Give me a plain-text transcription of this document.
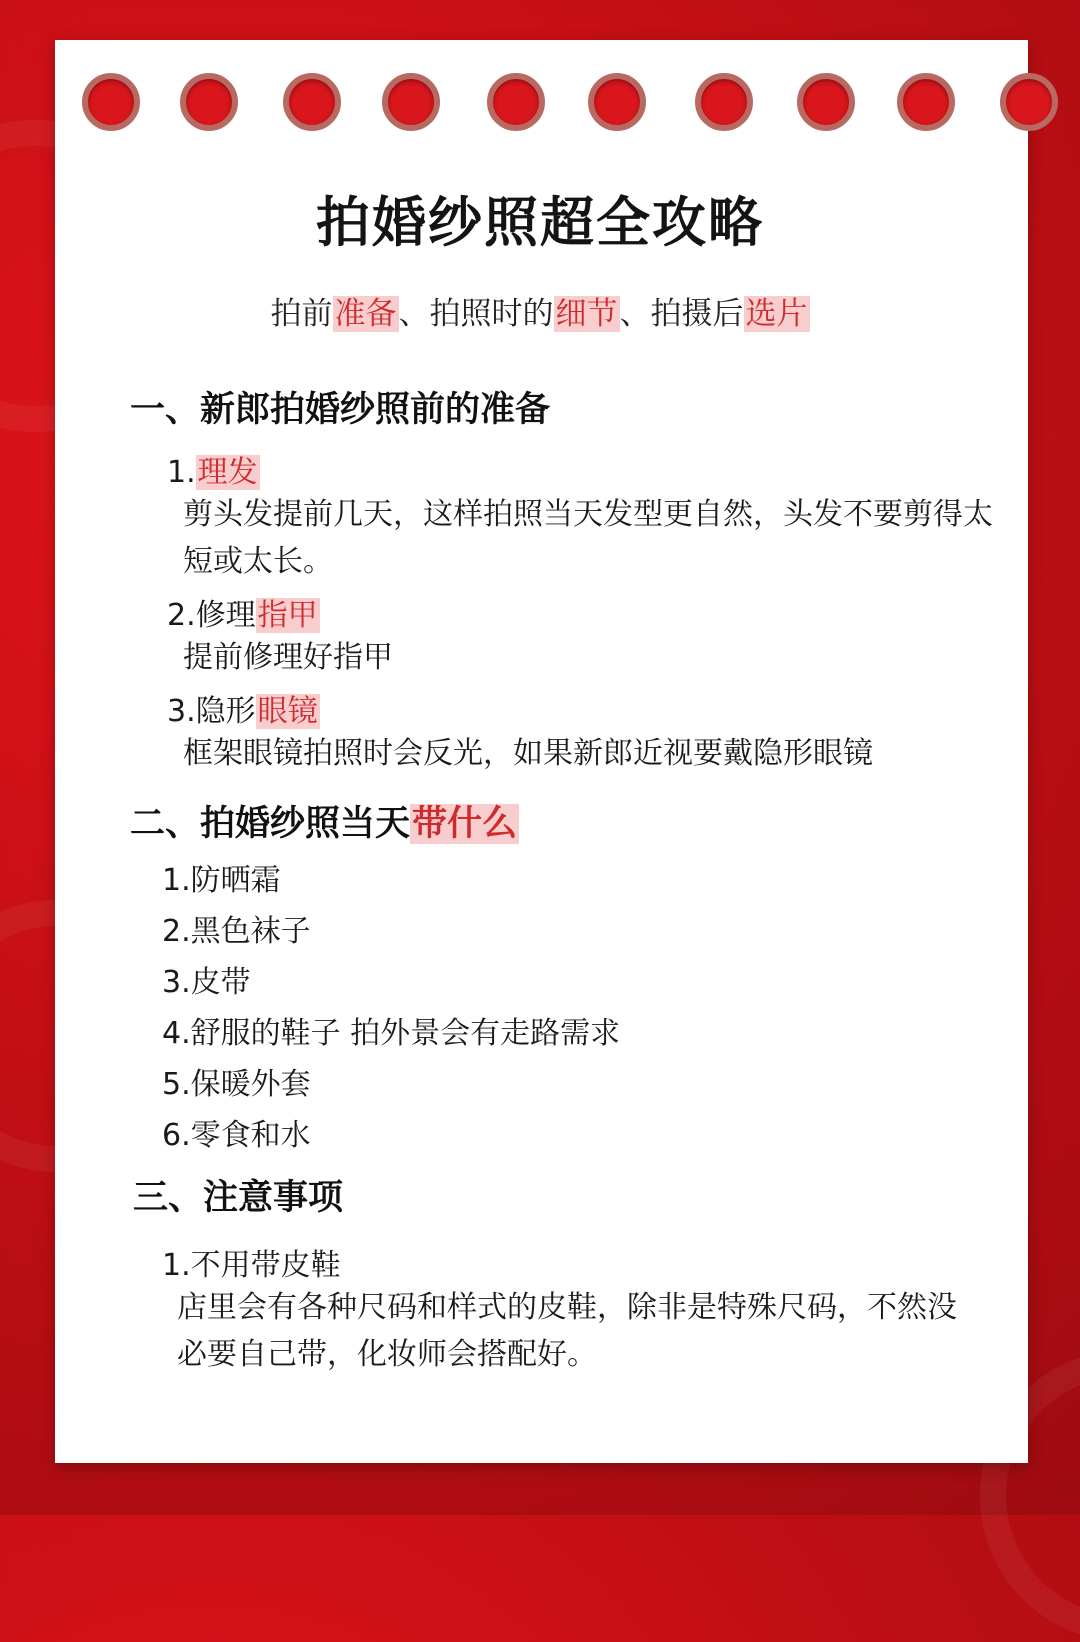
拍婚纱照超全攻略
拍前准备、拍照时的细节、拍摄后选片
一、新郎拍婚纱照前的准备
1.理发
剪头发提前几天，这样拍照当天发型更自然，头发不要剪得太短或太长。
2.修理指甲
提前修理好指甲
3.隐形眼镜
框架眼镜拍照时会反光，如果新郎近视要戴隐形眼镜
二、拍婚纱照当天带什么
1.防晒霜
2.黑色袜子
3.皮带
4.舒服的鞋子 拍外景会有走路需求
5.保暖外套
6.零食和水
三、注意事项
1.不用带皮鞋
店里会有各种尺码和样式的皮鞋，除非是特殊尺码，不然没必要自己带，化妆师会搭配好。
